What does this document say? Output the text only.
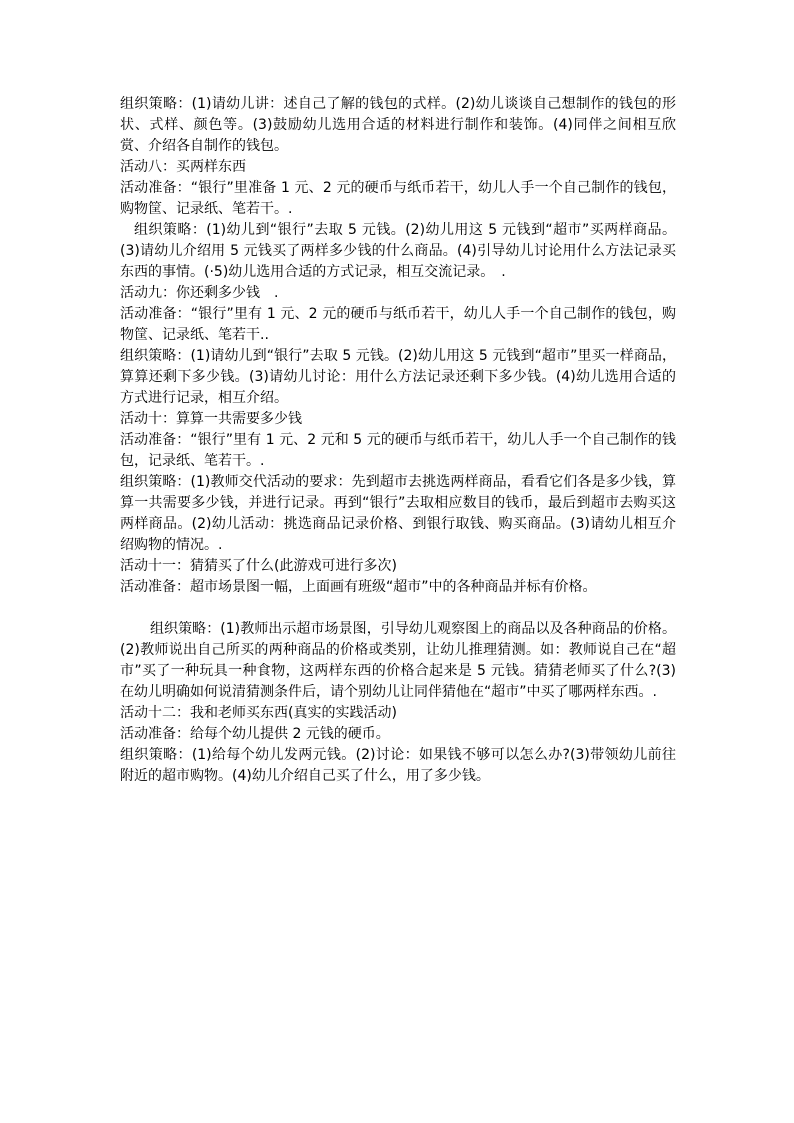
组织策略：(1)请幼儿讲：述自己了解的钱包的式样。(2)幼儿谈谈自己想制作的钱包的形状、式样、颜色等。(3)鼓励幼儿选用合适的材料进行制作和装饰。(4)同伴之间相互欣赏、介绍各自制作的钱包。

活动八：买两样东西

活动准备：“银行”里准备 1 元、2 元的硬币与纸币若干，幼儿人手一个自己制作的钱包，购物筐、记录纸、笔若干。.

组织策略：(1)幼儿到“银行”去取 5 元钱。(2)幼儿用这 5 元钱到“超市”买两样商品。(3)请幼儿介绍用 5 元钱买了两样多少钱的什么商品。(4)引导幼儿讨论用什么方法记录买东西的事情。(·5)幼儿选用合适的方式记录，相互交流记录。　.

活动九：你还剩多少钱　.

活动准备：“银行”里有 1 元、2 元的硬币与纸币若干，幼儿人手一个自己制作的钱包，购物筐、记录纸、笔若干..

组织策略：(1)请幼儿到“银行”去取 5 元钱。(2)幼儿用这 5 元钱到“超市”里买一样商品，算算还剩下多少钱。(3)请幼儿讨论：用什么方法记录还剩下多少钱。(4)幼儿选用合适的方式进行记录，相互介绍。

活动十：算算一共需要多少钱

活动准备：“银行”里有 1 元、2 元和 5 元的硬币与纸币若干，幼儿人手一个自己制作的钱包，记录纸、笔若干。.

组织策略：(1)教师交代活动的要求：先到超市去挑选两样商品，看看它们各是多少钱，算算一共需要多少钱，并进行记录。再到“银行”去取相应数目的钱币，最后到超市去购买这两样商品。(2)幼儿活动：挑选商品记录价格、到银行取钱、购买商品。(3)请幼儿相互介绍购物的情况。.

活动十一：猜猜买了什么(此游戏可进行多次)

活动准备：超市场景图一幅，上面画有班级“超市”中的各种商品并标有价格。

组织策略：(1)教师出示超市场景图，引导幼儿观察图上的商品以及各种商品的价格。(2)教师说出自己所买的两种商品的价格或类别，让幼儿推理猜测。如：教师说自己在“超市”买了一种玩具一种食物，这两样东西的价格合起来是 5 元钱。猜猜老师买了什么?(3)在幼儿明确如何说清猜测条件后，请个别幼儿让同伴猜他在“超市”中买了哪两样东西。.

活动十二：我和老师买东西(真实的实践活动)

活动准备：给每个幼儿提供 2 元钱的硬币。

组织策略：(1)给每个幼儿发两元钱。(2)讨论：如果钱不够可以怎么办?(3)带领幼儿前往附近的超市购物。(4)幼儿介绍自己买了什么，用了多少钱。
